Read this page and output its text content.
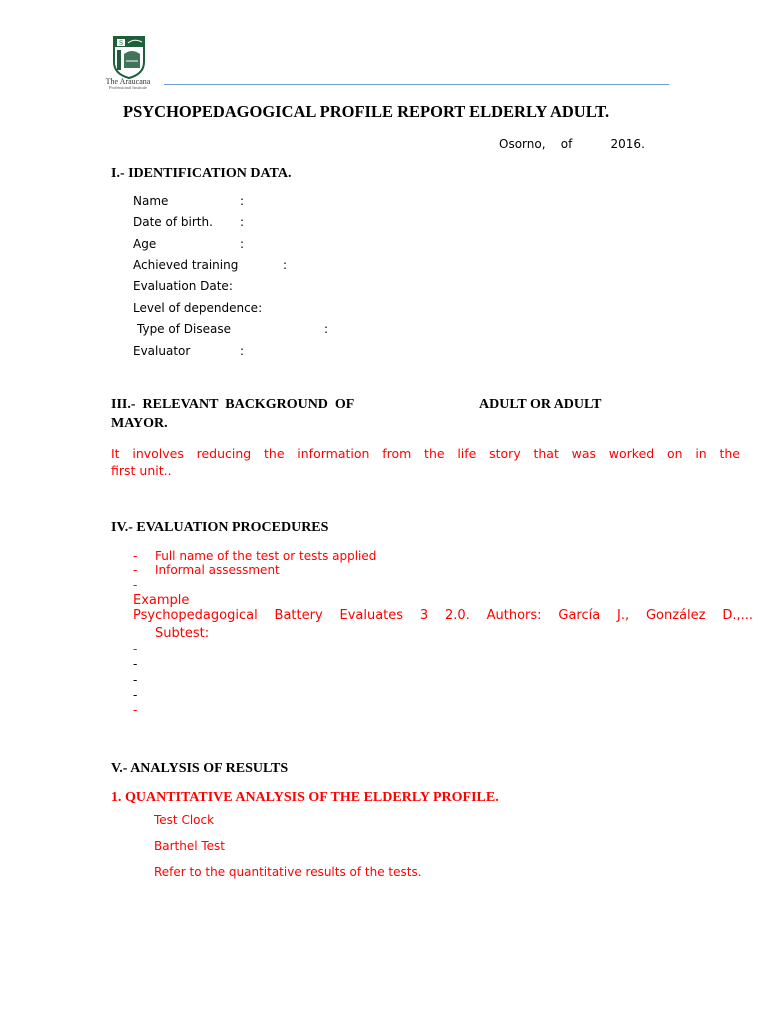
S
The Araucana
Professional Institute
PSYCHOPEDAGOGICAL PROFILE REPORT ELDERLY ADULT.
Osorno, of	2016.
I.- IDENTIFICATION DATA.
Name	:
Date of birth. :
Age	:
Achieved training	:
Evaluation Date:
Level of dependence:
Type of Disease	:
Evaluator	:
III.-  RELEVANT  BACKGROUND  OF	ADULT OR ADULT
MAYOR.
It involves reducing the information from the life story that was worked on in the
first unit..
IV.- EVALUATION PROCEDURES
- Full name of the test or tests applied
- Informal assessment
-
Example
Psychopedagogical Battery Evaluates 3 2.0. Authors: García J., González D.,...
Subtest:
-
-
-
-
-
V.- ANALYSIS OF RESULTS
1. QUANTITATIVE ANALYSIS OF THE ELDERLY PROFILE.
Test Clock
Barthel Test
Refer to the quantitative results of the tests.
